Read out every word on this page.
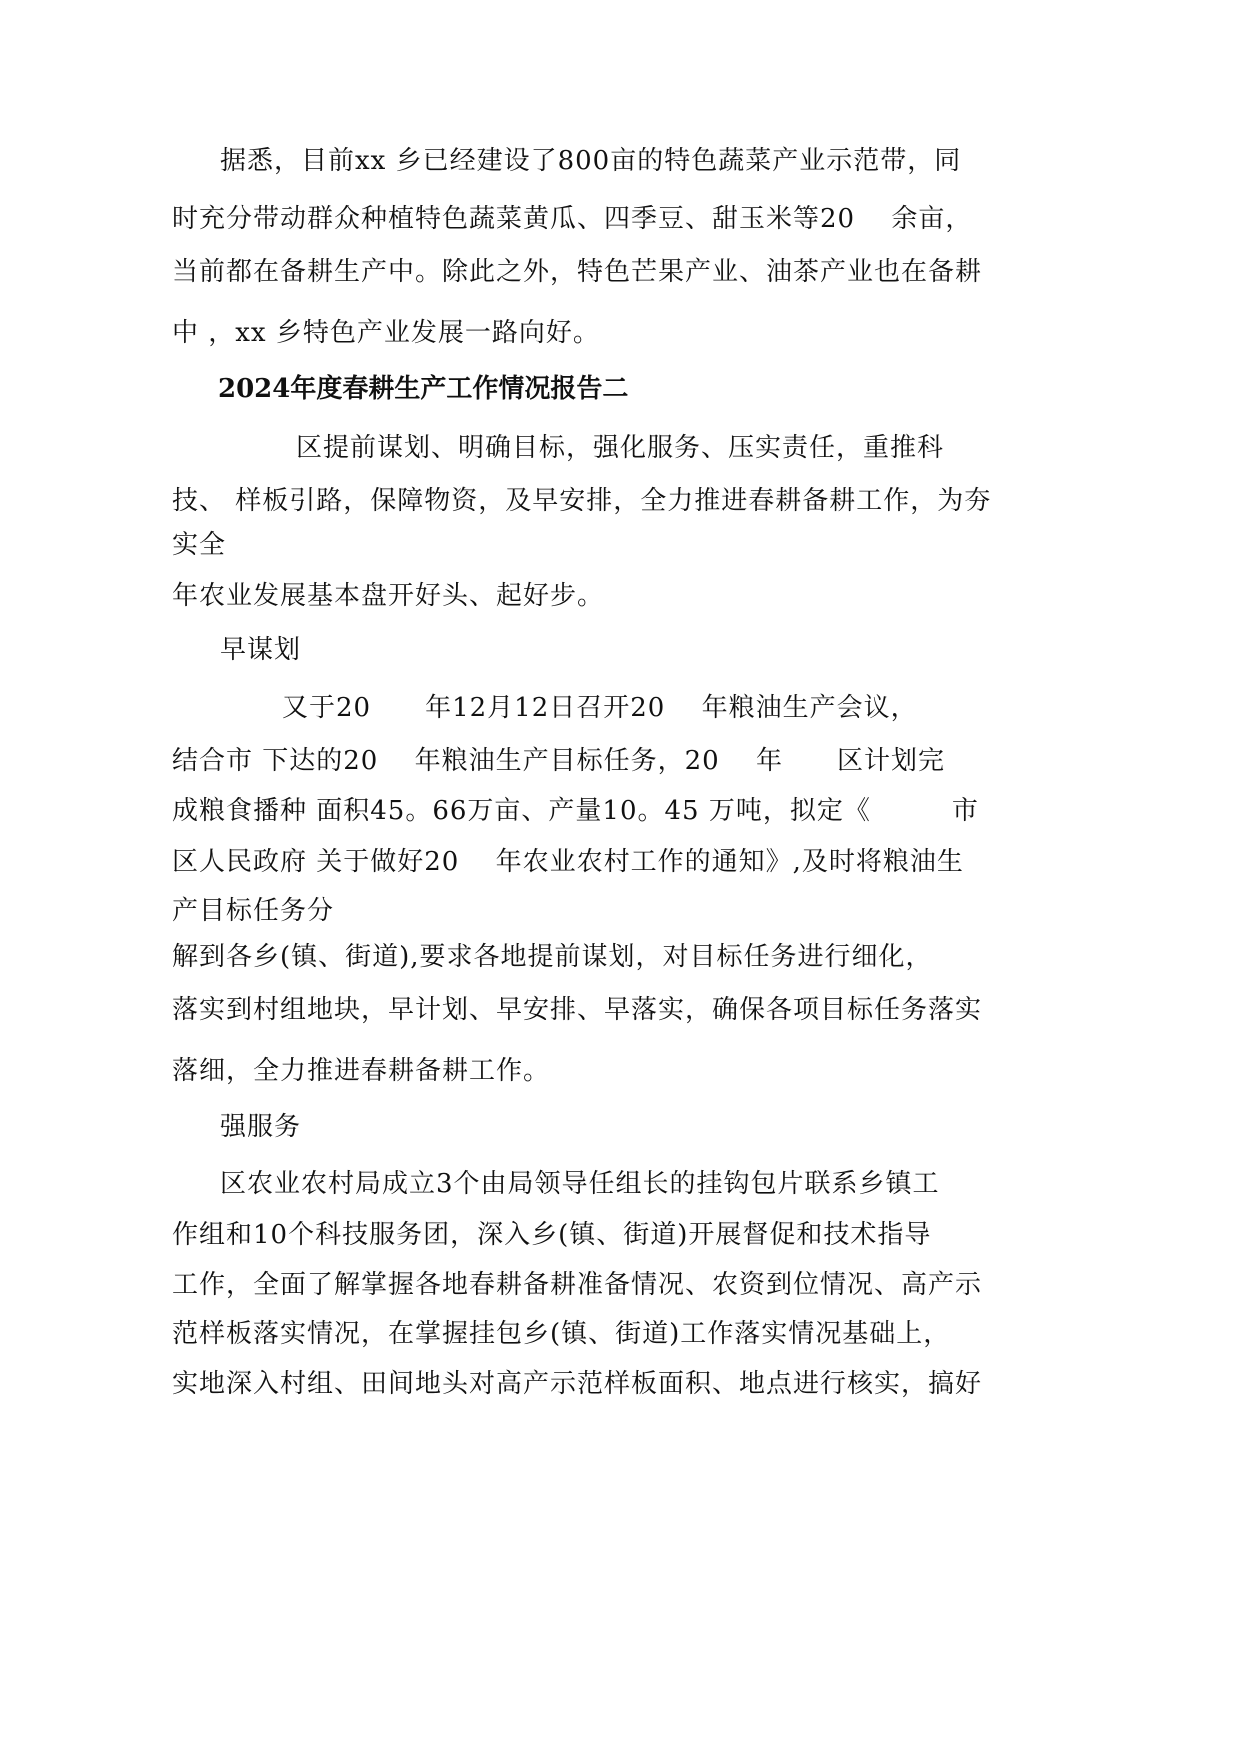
据悉，目前xx 乡已经建设了800亩的特色蔬菜产业示范带，同
时充分带动群众种植特色蔬菜黄瓜、四季豆、甜玉米等20　 余亩，
当前都在备耕生产中。除此之外，特色芒果产业、油茶产业也在备耕
中 ，xx 乡特色产业发展一路向好。
2024年度春耕生产工作情况报告二
区提前谋划、明确目标，强化服务、压实责任，重推科
技、 样板引路，保障物资，及早安排，全力推进春耕备耕工作，为夯
实全
年农业发展基本盘开好头、起好步。
早谋划
又于20　　年12月12日召开20　 年粮油生产会议，
结合市 下达的20　 年粮油生产目标任务，20　 年　　区计划完
成粮食播种 面积45。66万亩、产量10。45 万吨，拟定《　　　市
区人民政府 关于做好20　 年农业农村工作的通知》,及时将粮油生
产目标任务分
解到各乡(镇、街道),要求各地提前谋划，对目标任务进行细化，
落实到村组地块，早计划、早安排、早落实，确保各项目标任务落实
落细，全力推进春耕备耕工作。
强服务
区农业农村局成立3个由局领导任组长的挂钩包片联系乡镇工
作组和10个科技服务团，深入乡(镇、街道)开展督促和技术指导
工作，全面了解掌握各地春耕备耕准备情况、农资到位情况、高产示
范样板落实情况，在掌握挂包乡(镇、街道)工作落实情况基础上，
实地深入村组、田间地头对高产示范样板面积、地点进行核实，搞好
